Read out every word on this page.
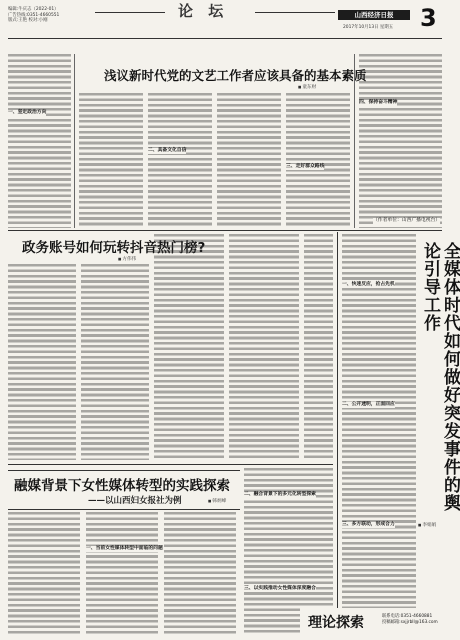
编辑:牛庆志（2022-01）
广告热线:0351-4660551
版式:王艳 校对:小刚
论 坛	山西经济日报
2017年10月13日 星期五 3
浅议新时代党的文艺工作者应该具备的基本素质
■ 童东财
一、坚定政治方向
二、具备文化自信
三、走好群众路线
四、保持奋斗精神
（作者单位：山西广播电视台）
政务账号如何玩转抖音热门榜?
■ 方伟伟	全媒体时代如何做好突发事件的舆论引导工作
■ 李娟娟
一、快速反应，抢占先机
二、公开透明，正面回应
三、多方联动，形成合力
融媒背景下女性媒体转型的实践探索
——以山西妇女报社为例
■	韩炳峰
一、当前女性媒体转型中面临的问题
二、融合背景下的多元化转型探索
三、以实践推动女性媒体深度融合
理论探索	联系电话:0351-4660881
投稿邮箱:sxjjrbll@163.com
